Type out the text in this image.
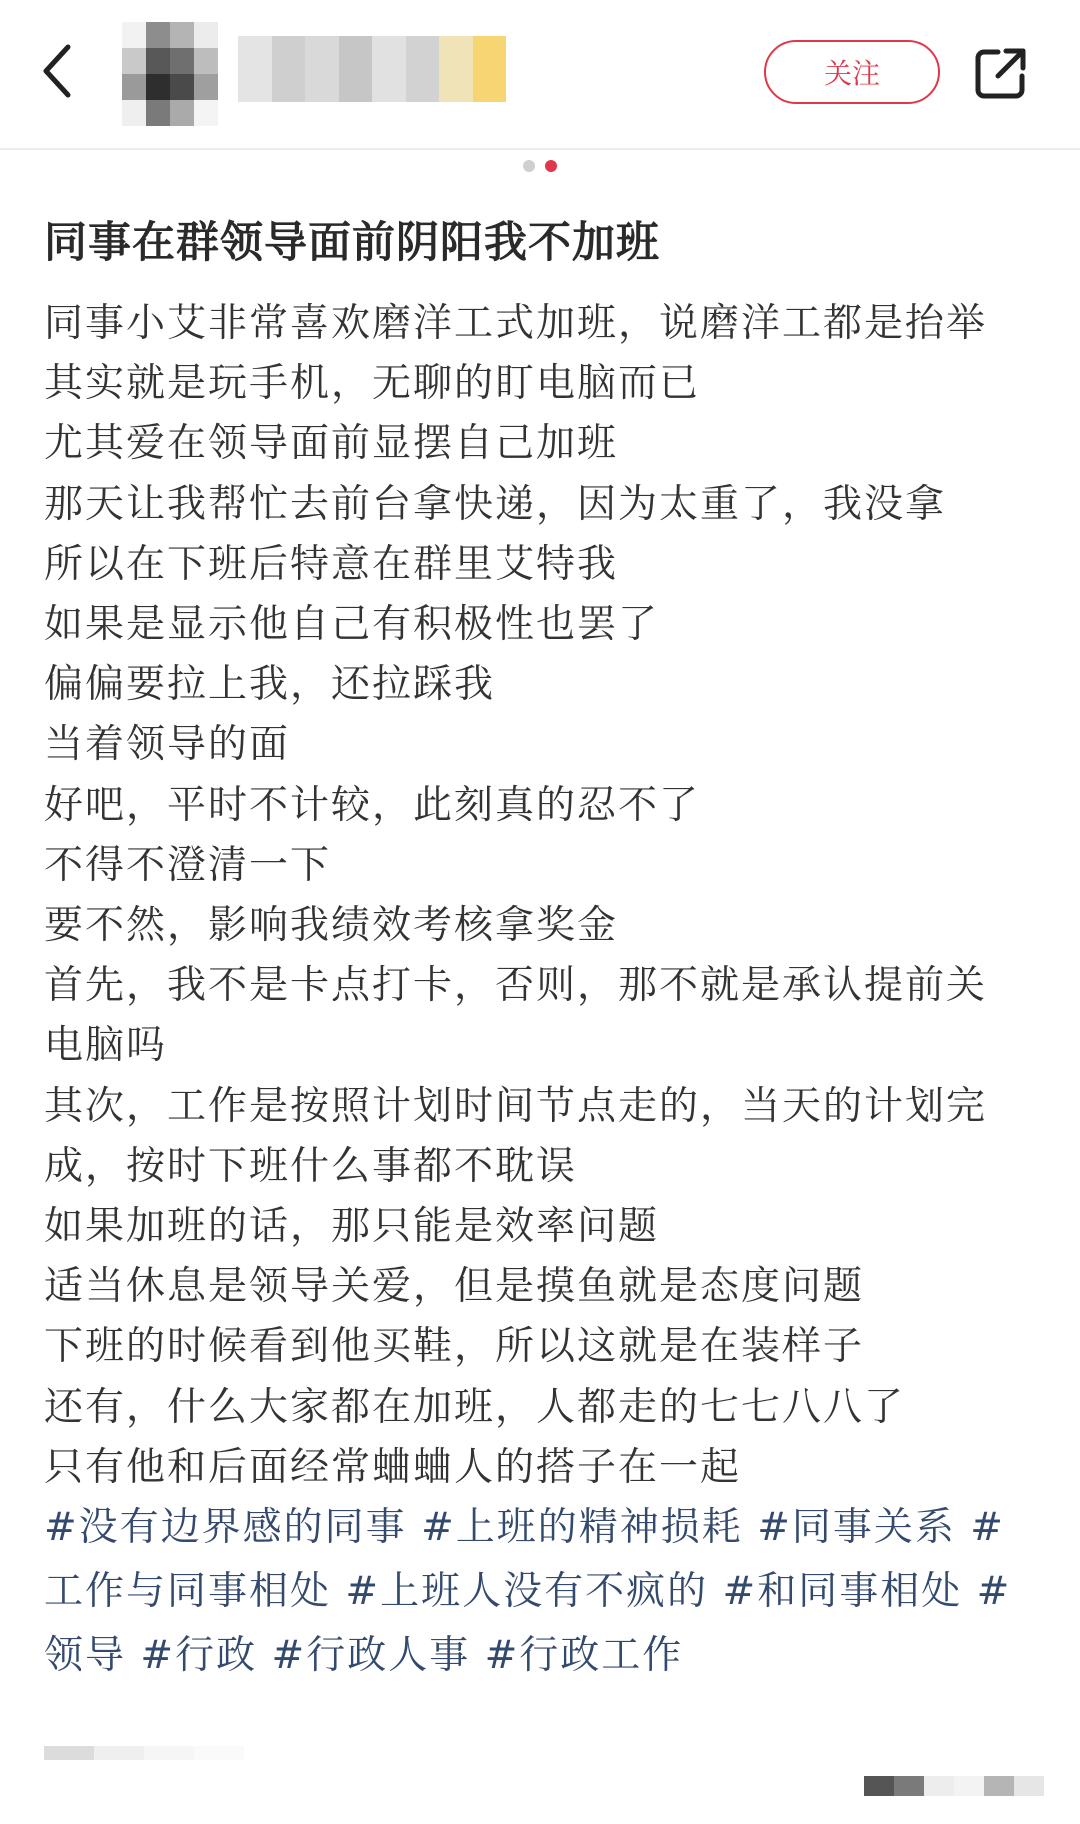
关注
同事在群领导面前阴阳我不加班
同事小艾非常喜欢磨洋工式加班，说磨洋工都是抬举
其实就是玩手机，无聊的盯电脑而已
尤其爱在领导面前显摆自己加班
那天让我帮忙去前台拿快递，因为太重了，我没拿
所以在下班后特意在群里艾特我
如果是显示他自己有积极性也罢了
偏偏要拉上我，还拉踩我
当着领导的面
好吧，平时不计较，此刻真的忍不了
不得不澄清一下
要不然，影响我绩效考核拿奖金
首先，我不是卡点打卡，否则，那不就是承认提前关
电脑吗
其次，工作是按照计划时间节点走的，当天的计划完
成，按时下班什么事都不耽误
如果加班的话，那只能是效率问题
适当休息是领导关爱，但是摸鱼就是态度问题
下班的时候看到他买鞋，所以这就是在装样子
还有，什么大家都在加班，人都走的七七八八了
只有他和后面经常蛐蛐人的搭子在一起
#没有边界感的同事 #上班的精神损耗 #同事关系 #
工作与同事相处 #上班人没有不疯的 #和同事相处 #
领导 #行政 #行政人事 #行政工作
